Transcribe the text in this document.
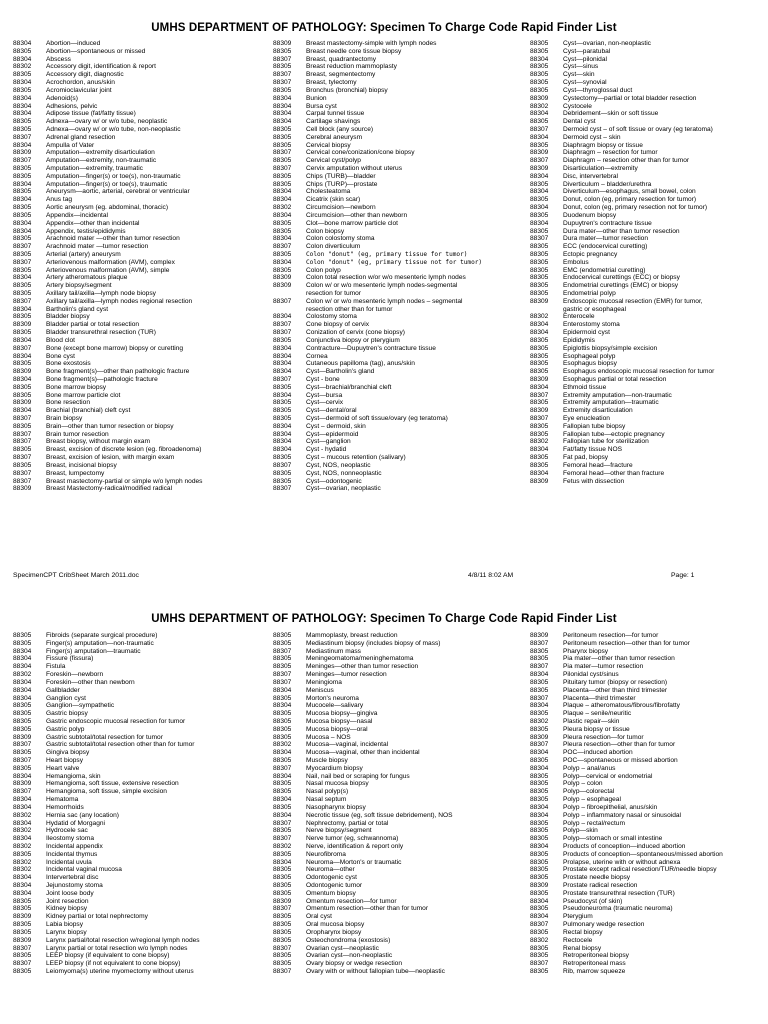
UMHS DEPARTMENT OF PATHOLOGY: Specimen To Charge Code Rapid Finder List
88304	Abortion—induced
88305	Abortion—spontaneous or missed
88304	Abscess
88302	Accessory digit, identification & report
88305	Accessory digit, diagnostic
88304	Acrochordon, anus/skin
88305	Acromioclavicular joint
88304	Adenoid(s)
88304	Adhesions, pelvic
88304	Adipose tissue (fat/fatty tissue)
88305	Adnexa—ovary w/ or w/o tube, neoplastic
88305	Adnexa—ovary w/ or w/o tube, non-neoplastic
88307	Adrenal gland resection
88304	Ampulla of Vater
88309	Amputation—extremity disarticulation
88307	Amputation—extremity, non-traumatic
88305	Amputation—extremity, traumatic
88305	Amputation—finger(s) or toe(s), non-traumatic
88304	Amputation—finger(s) or toe(s), traumatic
88305	Aneurysm—aortic, arterial, cerebral or ventricular
88304	Anus tag
88305	Aortic aneurysm (eg. abdominal, thoracic)
88305	Appendix—incidental
88304	Appendix—other than incidental
88304	Appendix, testis/epididymis
88305	Arachnoid mater —other than tumor resection
88307	Arachnoid mater —tumor resection
88305	Arterial (artery) aneurysm
88307	Arteriovenous malformation (AVM), complex
88305	Arteriovenous malformation (AVM), simple
88304	Artery atheromatous plaque
88305	Artery biopsy/segment
88305	Axillary tail/axilla—lymph node biopsy
88307	Axillary tail/axilla—lymph nodes regional resection
88304	Bartholin's gland cyst
88305	Bladder biopsy
88309	Bladder partial or total resection
88305	Bladder transurethral resection (TUR)
88304	Blood clot
88307	Bone (except bone marrow) biopsy or curetting
88304	Bone cyst
88305	Bone exostosis
88309	Bone fragment(s)—other than pathologic fracture
88304	Bone fragment(s)—pathologic fracture
88305	Bone marrow biopsy
88305	Bone marrow particle clot
88309	Bone resection
88304	Brachial (branchial) cleft cyst
88307	Brain biopsy
88305	Brain—other than tumor resection or biopsy
88307	Brain tumor resection
88307	Breast biopsy, without margin exam
88305	Breast, excision of discrete lesion (eg. fibroadenoma)
88307	Breast, excision of lesion, with margin exam
88305	Breast, incisional biopsy
88307	Breast, lumpectomy
88307	Breast mastectomy-partial or simple w/o lymph nodes
88309	Breast Mastectomy-radical/modified radical
88309	Breast mastectomy-simple with lymph nodes
88305	Breast needle core tissue biopsy
88307	Breast, quadrantectomy
88305	Breast reduction mammoplasty
88307	Breast, segmentectomy
88307	Breast, tylectomy
88305	Bronchus (bronchial) biopsy
88304	Bunion
88304	Bursa cyst
88304	Carpal tunnel tissue
88304	Cartilage shavings
88305	Cell block (any source)
88305	Cerebral aneurysm
88305	Cervical biopsy
88307	Cervical cone/conization/cone biopsy
88305	Cervical cyst/polyp
88307	Cervix amputation without uterus
88305	Chips (TURB)—bladder
88305	Chips (TURP)—prostate
88304	Cholesteatoma
88304	Cicatrix (skin scar)
88302	Circumcision—newborn
88304	Circumcision—other than newborn
88305	Clot—bone marrow particle clot
88305	Colon biopsy
88304	Colon colostomy stoma
88307	Colon diverticulum
88305	Colon "donut" (eg, primary tissue for tumor)
88304	Colon "donut" (eg, primary tissue not for tumor)
88305	Colon polyp
88309	Colon total resection w/or w/o mesenteric lymph nodes
88309	Colon w/ or w/o mesenteric lymph nodes-segmental
resection for tumor
88307	Colon w/ or w/o mesenteric lymph nodes – segmental
resection other than for tumor
88304	Colostomy stoma
88307	Cone biopsy of cervix
88307	Conization of cervix (cone biopsy)
88305	Conjunctiva biopsy or pterygium
88304	Contracture—Dupuytren's contracture tissue
88304	Cornea
88304	Cutaneous papilloma (tag), anus/skin
88304	Cyst—Bartholin's gland
88307	Cyst - bone
88305	Cyst—brachial/branchial cleft
88304	Cyst—bursa
88305	Cyst—cervix
88305	Cyst—dental/oral
88305	Cyst—dermoid of soft tissue/ovary (eg teratoma)
88304	Cyst – dermoid, skin
88304	Cyst—epidermoid
88304	Cyst—ganglion
88304	Cyst - hydatid
88305	Cyst – mucous retention (salivary)
88307	Cyst, NOS, neoplastic
88305	Cyst, NOS, nonneoplastic
88305	Cyst—odontogenic
88307	Cyst—ovarian, neoplastic
88305	Cyst—ovarian, non-neoplastic
88305	Cyst—paratubal
88304	Cyst—pilonidal
88305	Cyst—sinus
88305	Cyst—skin
88305	Cyst—synovial
88305	Cyst—thyroglossal duct
88309	Cystectomy—partial or total bladder resection
88302	Cystocele
88304	Debridement—skin or soft tissue
88305	Dental cyst
88307	Dermoid cyst – of soft tissue or ovary (eg teratoma)
88304	Dermoid cyst – skin
88305	Diaphragm biopsy or tissue
88309	Diaphragm – resection for tumor
88307	Diaphragm – resection other than for tumor
88309	Disarticulation—extremity
88304	Disc, intervertebral
88305	Diverticulum – bladder/urethra
88304	Diverticulum—esophagus, small bowel, colon
88305	Donut, colon (eg, primary resection for tumor)
88304	Donut, colon (eg, primary resection not for tumor)
88305	Duodenum biopsy
88304	Dupuytren's contracture tissue
88305	Dura mater—other than tumor resection
88307	Dura mater—tumor resection
88305	ECC (endocervical curetting)
88305	Ectopic pregnancy
88305	Embolus
88305	EMC (endometrial curetting)
88305	Endocervical curettings (ECC) or biopsy
88305	Endometrial curettings (EMC) or biopsy
88305	Endometrial polyp
88309	Endoscopic mucosal resection (EMR) for tumor,
gastric or esophageal
88302	Enterocele
88304	Enterostomy stoma
88304	Epidermoid cyst
88305	Epididymis
88305	Epiglottis biopsy/simple excision
88305	Esophageal polyp
88305	Esophagus biopsy
88305	Esophagus endoscopic mucosal resection for tumor
88309	Esophagus partial or total resection
88304	Ethmoid tissue
88307	Extremity amputation—non-traumatic
88305	Extremity amputation—traumatic
88309	Extremity disarticulation
88307	Eye enucleation
88305	Fallopian tube biopsy
88305	Fallopian tube—ectopic pregnancy
88302	Fallopian tube for sterilization
88304	Fat/fatty tissue NOS
88305	Fat pad, biopsy
88305	Femoral head—fracture
88304	Femoral head—other than fracture
88309	Fetus with dissection
SpecimenCPT CribSheet March 2011.doc	4/8/11 8:02 AM	Page: 1
UMHS DEPARTMENT OF PATHOLOGY: Specimen To Charge Code Rapid Finder List
88305	Fibroids (separate surgical procedure)
88305	Finger(s) amputation—non-traumatic
88304	Finger(s) amputation—traumatic
88304	Fissure (fissura)
88304	Fistula
88302	Foreskin—newborn
88304	Foreskin—other than newborn
88304	Gallbladder
88304	Ganglion cyst
88305	Ganglion—sympathetic
88305	Gastric biopsy
88305	Gastric endoscopic mucosal resection for tumor
88305	Gastric polyp
88309	Gastric subtotal/total resection for tumor
88307	Gastric subtotal/total resection other than for tumor
88305	Gingiva biopsy
88307	Heart biopsy
88305	Heart valve
88304	Hemangioma, skin
88309	Hemangioma, soft tissue, extensive resection
88307	Hemangioma, soft tissue, simple excision
88304	Hematoma
88304	Hemorrhoids
88302	Hernia sac (any location)
88304	Hydatid of Morgagni
88302	Hydrocele sac
88304	Ileostomy stoma
88302	Incidental appendix
88305	Incidental thymus
88302	Incidental uvula
88302	Incidental vaginal mucosa
88304	Intervertebral disc
88304	Jejunostomy stoma
88304	Joint loose body
88305	Joint resection
88305	Kidney biopsy
88309	Kidney partial or total nephrectomy
88305	Labia biopsy
88305	Larynx biopsy
88309	Larynx partial/total resection w/regional lymph nodes
88307	Larynx partial or total resection w/o lymph nodes
88305	LEEP biopsy (if equivalent to cone biopsy)
88307	LEEP biopsy (if not equivalent to cone biopsy)
88305	Leiomyoma(s) uterine myomectomy without uterus
88305	Mammoplasty, breast reduction
88305	Mediastinum biopsy (includes biopsy of mass)
88307	Mediastinum mass
88305	Meningeomatoma/meninghematoma
88305	Meninges—other than tumor resection
88307	Meninges—tumor resection
88307	Meningioma
88304	Meniscus
88305	Morton's neuroma
88304	Mucocele—salivary
88305	Mucosa biopsy—gingiva
88305	Mucosa biopsy—nasal
88305	Mucosa biopsy—oral
88305	Mucosa – NOS
88302	Mucosa—vaginal, incidental
88304	Mucosa—vaginal, other than incidental
88305	Muscle biopsy
88307	Myocardium biopsy
88304	Nail, nail bed or scraping for fungus
88305	Nasal mucosa biopsy
88305	Nasal polyp(s)
88304	Nasal septum
88305	Nasopharynx biopsy
88304	Necrotic tissue (eg, soft tissue debridement), NOS
88307	Nephrectomy, partial or total
88305	Nerve biopsy/segment
88307	Nerve tumor (eg, schwannoma)
88302	Nerve, identification & report only
88305	Neurofibroma
88304	Neuroma—Morton's or traumatic
88305	Neuroma—other
88305	Odontogenic cyst
88305	Odontogenic tumor
88305	Omentum biopsy
88309	Omentum resection—for tumor
88307	Omentum resection—other than for tumor
88305	Oral cyst
88305	Oral mucosa biopsy
88305	Oropharynx biopsy
88305	Osteochondroma (exostosis)
88307	Ovarian cyst—neoplastic
88305	Ovarian cyst—non-neoplastic
88305	Ovary biopsy or wedge resection
88307	Ovary with or without fallopian tube—neoplastic
88309	Peritoneum resection—for tumor
88307	Peritoneum resection—other than for tumor
88305	Pharynx biopsy
88305	Pia mater—other than tumor resection
88307	Pia mater—tumor resection
88304	Pilonidal cyst/sinus
88305	Pituitary tumor (biopsy or resection)
88305	Placenta—other than third trimester
88307	Placenta—third trimester
88304	Plaque – atheromatous/fibrous/fibrofatty
88305	Plaque – senile/neuritic
88302	Plastic repair—skin
88305	Pleura biopsy or tissue
88309	Pleura resection—for tumor
88307	Pleura resection—other than for tumor
88304	POC—induced abortion
88305	POC—spontaneous or missed abortion
88304	Polyp – anal/anus
88305	Polyp—cervical or endometrial
88305	Polyp – colon
88305	Polyp—colorectal
88305	Polyp – esophageal
88304	Polyp – fibroepithelial, anus/skin
88304	Polyp – inflammatory nasal or sinusoidal
88305	Polyp – rectal/rectum
88305	Polyp—skin
88305	Polyp—stomach or small intestine
88304	Products of conception—induced abortion
88305	Products of conception—spontaneous/missed abortion
88305	Prolapse, uterine with or without adnexa
88305	Prostate except radical resection/TUR/needle biopsy
88305	Prostate needle biopsy
88309	Prostate radical resection
88305	Prostate transurethral resection (TUR)
88304	Pseudocyst (of skin)
88305	Pseudoneuroma (traumatic neuroma)
88304	Pterygium
88307	Pulmonary wedge resection
88305	Rectal biopsy
88302	Rectocele
88305	Renal biopsy
88305	Retroperitoneal biopsy
88307	Retroperitoneal mass
88305	Rib, marrow squeeze
